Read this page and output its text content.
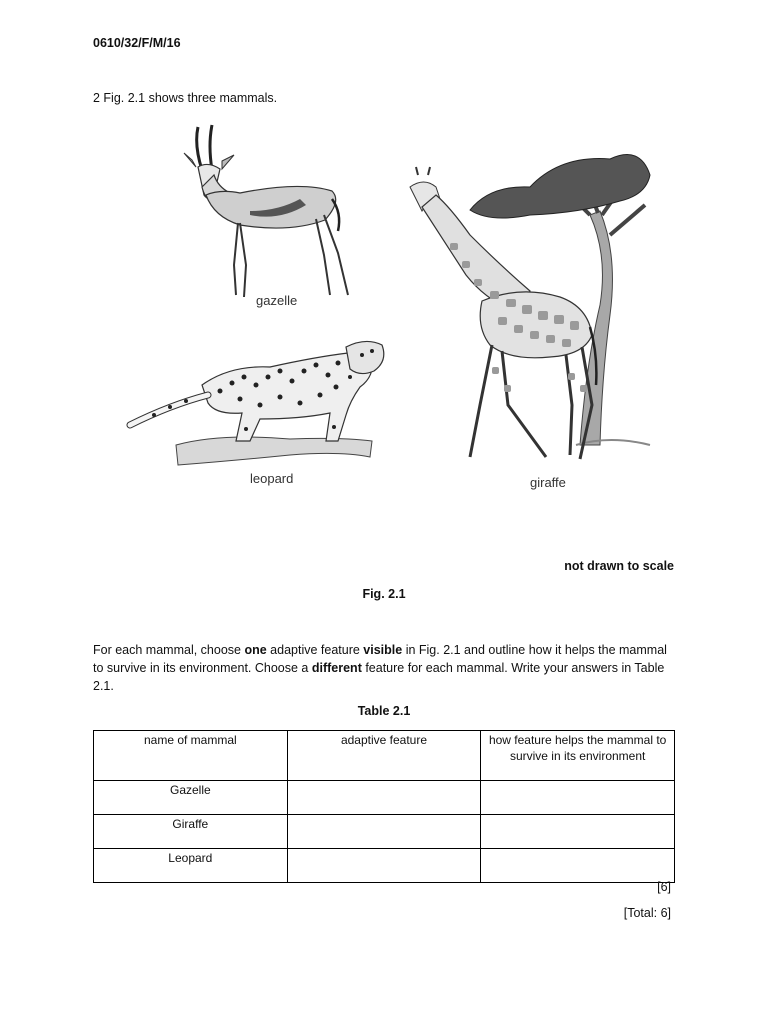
0610/32/F/M/16
2 Fig. 2.1 shows three mammals.
gazelle
leopard	giraffe
not drawn to scale
Fig. 2.1
For each mammal, choose one adaptive feature visible in Fig. 2.1 and outline how it helps the mammal to survive in its environment. Choose a different feature for each mammal. Write your answers in Table 2.1.
Table 2.1
name of mammal	adaptive feature	how feature helps the mammal to survive in its environment
Gazelle		
Giraffe		
Leopard		
[6]
[Total: 6]
